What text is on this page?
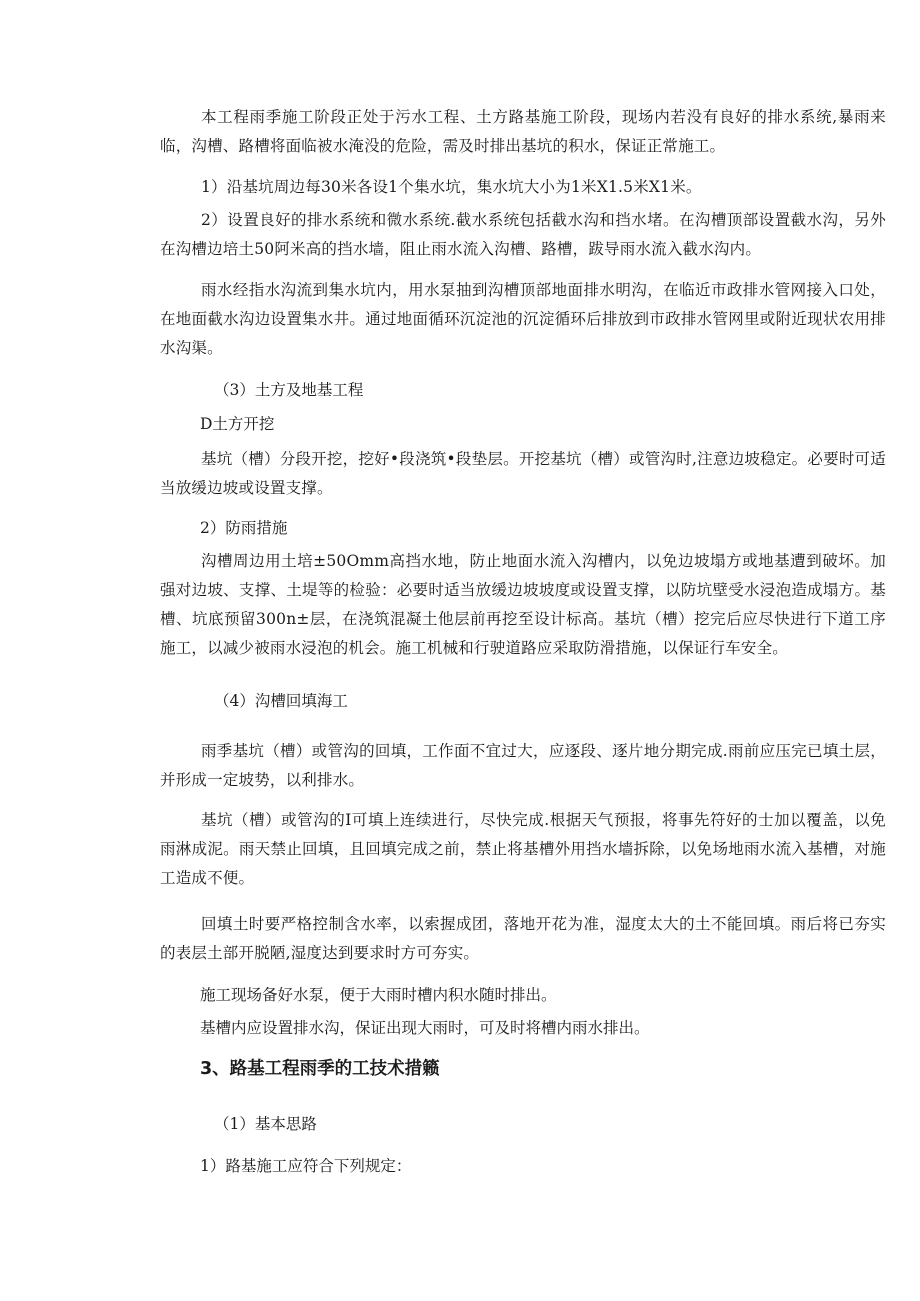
本工程雨季施工阶段正处于污水工程、土方路基施工阶段，现场内若没有良好的排水系统,暴雨来临，沟槽、路槽将面临被水淹没的危险，需及时排出基坑的积水，保证正常施工。

1）沿基坑周边每30米各设1个集水坑，集水坑大小为1米X1.5米X1米。

2）设置良好的排水系统和微水系统.截水系统包括截水沟和挡水堵。在沟槽顶部设置截水沟，另外在沟槽边培土50阿米高的挡水墙，阻止雨水流入沟槽、路槽，跋导雨水流入截水沟内。

雨水经指水沟流到集水坑内，用水泵抽到沟槽顶部地面排水明沟，在临近市政排水管网接入口处，在地面截水沟边设置集水井。通过地面循环沉淀池的沉淀循环后排放到市政排水管网里或附近现状农用排水沟渠。

（3）土方及地基工程

D土方开挖

基坑（槽）分段开挖，挖好•段浇筑•段垫层。开挖基坑（槽）或管沟时,注意边坡稳定。必要时可适当放缓边坡或设置支撑。

2）防雨措施

沟槽周边用土培±50Omm高挡水地，防止地面水流入沟槽内，以免边坡塌方或地基遭到破坏。加强对边坡、支撑、土堤等的检验：必要时适当放缓边坡坡度或设置支撑，以防坑壁受水浸泡造成塌方。基槽、坑底预留300n±层，在浇筑混凝土他层前再挖至设计标高。基坑（槽）挖完后应尽快进行下道工序施工，以减少被雨水浸泡的机会。施工机械和行驶道路应采取防滑措施，以保证行车安全。

（4）沟槽回填海工

雨季基坑（槽）或管沟的回填，工作面不宜过大，应逐段、逐片地分期完成.雨前应压完已填土层，并形成一定坡势，以利排水。

基坑（槽）或管沟的I可填上连续进行，尽快完成.根据天气预报，将事先符好的士加以覆盖，以免雨淋成泥。雨天禁止回填，且回填完成之前，禁止将基槽外用挡水墙拆除，以免场地雨水流入基槽，对施工造成不便。

回填土时要严格控制含水率，以索握成团，落地开花为准，湿度太大的土不能回填。雨后将已夯实的表层土部开脱陋,湿度达到要求时方可夯实。

施工现场备好水泵，便于大雨时槽内积水随时排出。

基槽内应设置排水沟，保证出现大雨时，可及时将槽内雨水排出。

3、路基工程雨季的工技术措籁

（1）基本思路

1）路基施工应符合下列规定：
